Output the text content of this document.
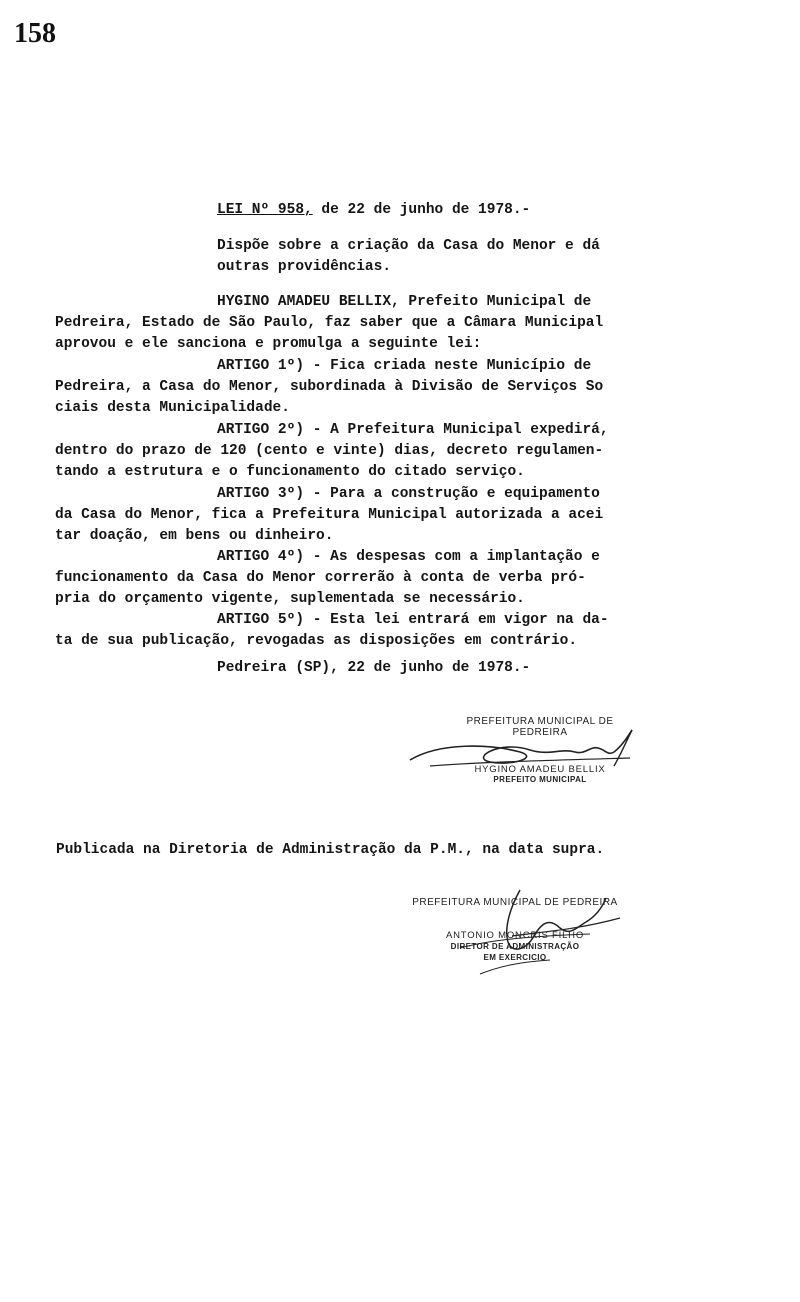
158
LEI Nº 958, de 22 de junho de 1978.-
Dispõe sobre a criação da Casa do Menor e dá
outras providências.
HYGINO AMADEU BELLIX, Prefeito Municipal de
Pedreira, Estado de São Paulo, faz saber que a Câmara Municipal
aprovou e ele sanciona e promulga a seguinte lei:
ARTIGO 1º) - Fica criada neste Município de
Pedreira, a Casa do Menor, subordinada à Divisão de Serviços So
ciais desta Municipalidade.
ARTIGO 2º) - A Prefeitura Municipal expedirá,
dentro do prazo de 120 (cento e vinte) dias, decreto regulamen-
tando a estrutura e o funcionamento do citado serviço.
ARTIGO 3º) - Para a construção e equipamento
da Casa do Menor, fica a Prefeitura Municipal autorizada a acei
tar doação, em bens ou dinheiro.
ARTIGO 4º) - As despesas com a implantação e
funcionamento da Casa do Menor correrão à conta de verba pró-
pria do orçamento vigente, suplementada se necessário.
ARTIGO 5º) - Esta lei entrará em vigor na da-
ta de sua publicação, revogadas as disposições em contrário.
Pedreira (SP), 22 de junho de 1978.-
PREFEITURA MUNICIPAL DE PEDREIRA
HYGINO AMADEU BELLIX
PREFEITO MUNICIPAL
Publicada na Diretoria de Administração da P.M., na data supra.
PREFEITURA MUNICIPAL DE PEDREIRA
ANTONIO MONCRIS FILHO
DIRETOR DE ADMINISTRAÇÃO
EM EXERCICIO
